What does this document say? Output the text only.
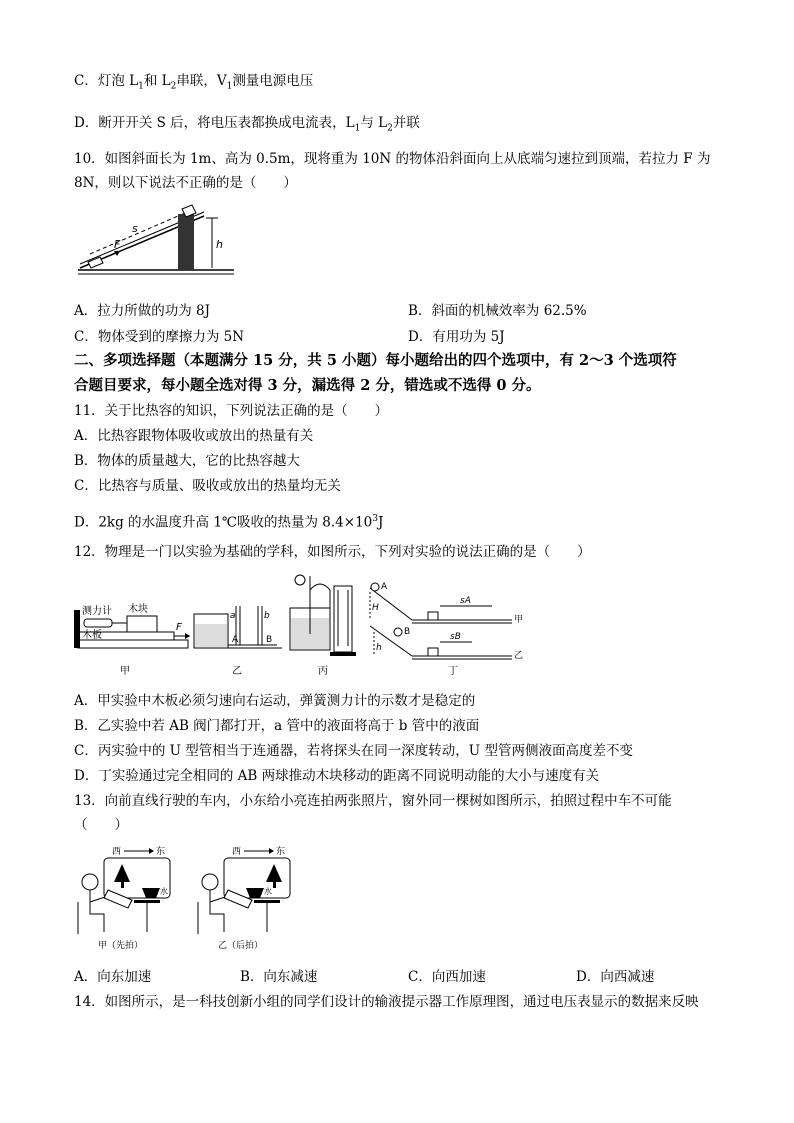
C．灯泡 $L_1$和 $L_2$串联，$V_1$测量电源电压
D．断开开关 S 后，将电压表都换成电流表，$L_1$与 $L_2$并联
10．如图斜面长为 1m、高为 0.5m，现将重为 10N 的物体沿斜面向上从底端匀速拉到顶端，若拉力 F 为
8N，则以下说法不正确的是（　　）
F
s
h
A．拉力所做的功为 8J	B．斜面的机械效率为 62.5%
C．物体受到的摩擦力为 5N	D．有用功为 5J
二、多项选择题（本题满分 15 分，共 5 小题）每小题给出的四个选项中，有 2～3 个选项符
合题目要求，每小题全选对得 3 分，漏选得 2 分，错选或不选得 0 分。
11．关于比热容的知识，下列说法正确的是（　　）
A．比热容跟物体吸收或放出的热量有关
B．物体的质量越大，它的比热容越大
C．比热容与质量、吸收或放出的热量均无关
D．2kg 的水温度升高 1℃吸收的热量为 $8.4\times 10^3J$
12．物理是一门以实验为基础的学科，如图所示，下列对实验的说法正确的是（　　）
测力计 木块
木板
F
甲
a	b
A	B
乙	丙
A
H
sA
甲
B
h
sB
乙
丁
A．甲实验中木板必须匀速向右运动，弹簧测力计的示数才是稳定的
B．乙实验中若 AB 阀门都打开，a 管中的液面将高于 b 管中的液面
C．丙实验中的 U 型管相当于连通器，若将探头在同一深度转动，U 型管两侧液面高度差不变
D．丁实验通过完全相同的 AB 两球推动木块移动的距离不同说明动能的大小与速度有关
13．向前直线行驶的车内，小东给小亮连拍两张照片，窗外同一棵树如图所示，拍照过程中车不可能
（　　）
西	东
水
甲（先拍）
西	东
水
乙（后拍）
A．向东加速	B．向东减速	C．向西加速	D．向西减速
14．如图所示，是一科技创新小组的同学们设计的输液提示器工作原理图，通过电压表显示的数据来反映
